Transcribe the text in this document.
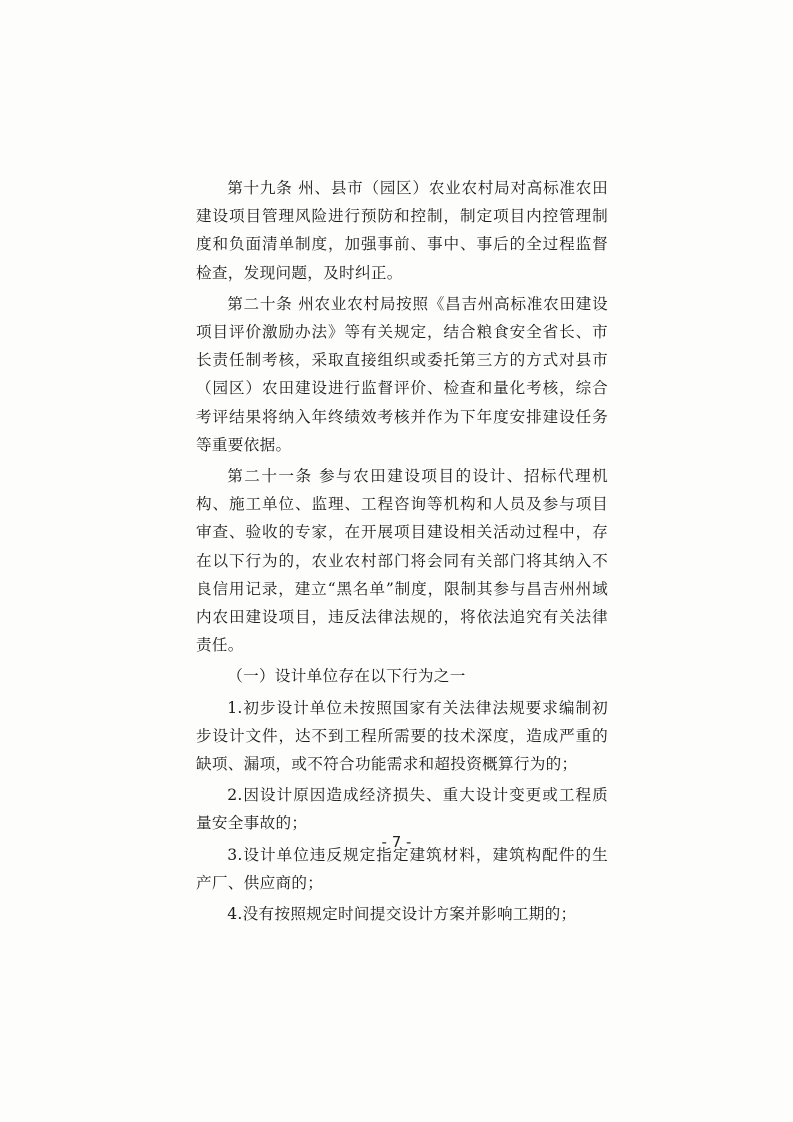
第十九条 州、县市（园区）农业农村局对高标准农田建设项目管理风险进行预防和控制，制定项目内控管理制度和负面清单制度，加强事前、事中、事后的全过程监督检查，发现问题，及时纠正。

第二十条 州农业农村局按照《昌吉州高标准农田建设项目评价激励办法》等有关规定，结合粮食安全省长、市长责任制考核，采取直接组织或委托第三方的方式对县市（园区）农田建设进行监督评价、检查和量化考核，综合考评结果将纳入年终绩效考核并作为下年度安排建设任务等重要依据。

第二十一条 参与农田建设项目的设计、招标代理机构、施工单位、监理、工程咨询等机构和人员及参与项目审查、验收的专家，在开展项目建设相关活动过程中，存在以下行为的，农业农村部门将会同有关部门将其纳入不良信用记录，建立“黑名单”制度，限制其参与昌吉州州域内农田建设项目，违反法律法规的，将依法追究有关法律责任。

（一）设计单位存在以下行为之一

1.初步设计单位未按照国家有关法律法规要求编制初步设计文件，达不到工程所需要的技术深度，造成严重的缺项、漏项，或不符合功能需求和超投资概算行为的；

2.因设计原因造成经济损失、重大设计变更或工程质量安全事故的；

3.设计单位违反规定指定建筑材料，建筑构配件的生产厂、供应商的；

4.没有按照规定时间提交设计方案并影响工期的；

- 7 -
